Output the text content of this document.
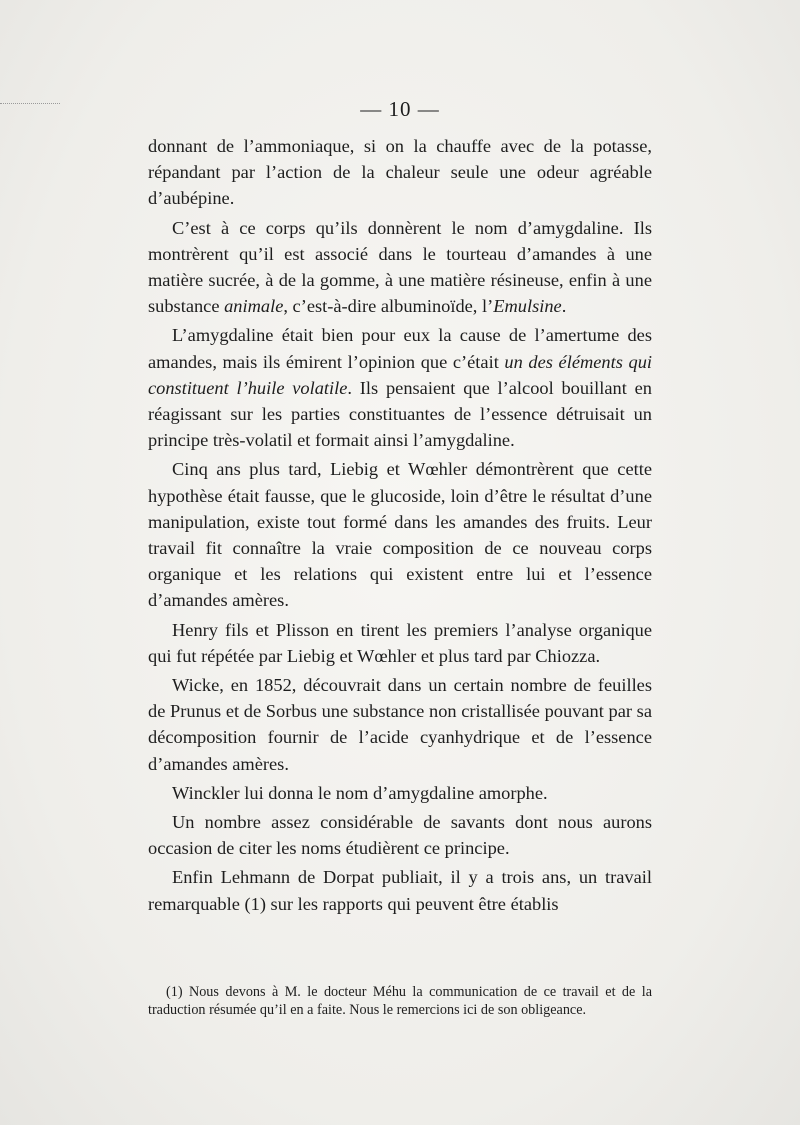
— 10 —

donnant de l’ammoniaque, si on la chauffe avec de la potasse, répandant par l’action de la chaleur seule une odeur agréable d’aubépine.

C’est à ce corps qu’ils donnèrent le nom d’amygdaline. Ils montrèrent qu’il est associé dans le tourteau d’amandes à une matière sucrée, à de la gomme, à une matière résineuse, enfin à une substance animale, c’est-à-dire albuminoïde, l’Emulsine.

L’amygdaline était bien pour eux la cause de l’amertume des amandes, mais ils émirent l’opinion que c’était un des éléments qui constituent l’huile volatile. Ils pensaient que l’alcool bouillant en réagissant sur les parties constituantes de l’essence détruisait un principe très-volatil et formait ainsi l’amygdaline.

Cinq ans plus tard, Liebig et Wœhler démontrèrent que cette hypothèse était fausse, que le glucoside, loin d’être le résultat d’une manipulation, existe tout formé dans les amandes des fruits. Leur travail fit connaître la vraie composition de ce nouveau corps organique et les relations qui existent entre lui et l’essence d’amandes amères.

Henry fils et Plisson en tirent les premiers l’analyse organique qui fut répétée par Liebig et Wœhler et plus tard par Chiozza.

Wicke, en 1852, découvrait dans un certain nombre de feuilles de Prunus et de Sorbus une substance non cristallisée pouvant par sa décomposition fournir de l’acide cyanhydrique et de l’essence d’amandes amères.

Winckler lui donna le nom d’amygdaline amorphe.

Un nombre assez considérable de savants dont nous aurons occasion de citer les noms étudièrent ce principe.

Enfin Lehmann de Dorpat publiait, il y a trois ans, un travail remarquable (1) sur les rapports qui peuvent être établis

(1) Nous devons à M. le docteur Méhu la communication de ce travail et de la traduction résumée qu’il en a faite. Nous le remercions ici de son obligeance.
